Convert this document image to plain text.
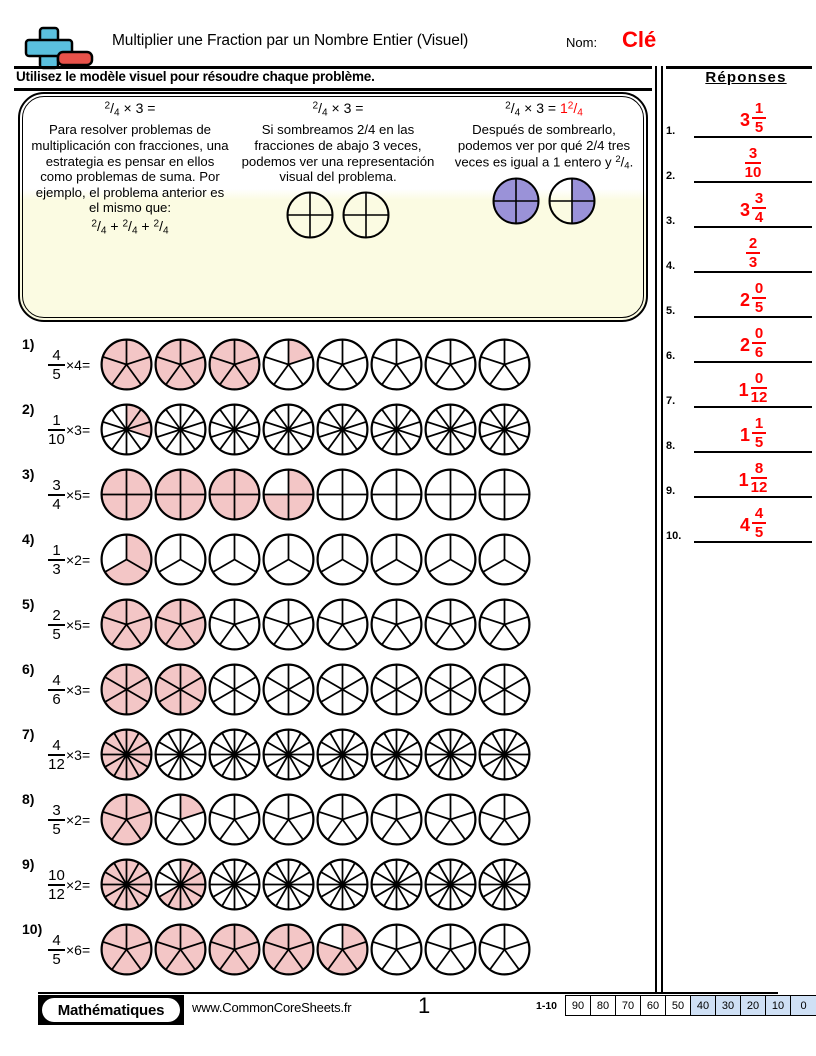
Multiplier une Fraction par un Nombre Entier (Visuel)	Nom: Clé
Utilisez le modèle visuel pour résoudre chaque problème.	Réponses
1.
$3 \frac{1}{5}$
2.	$\frac{3}{10}$
3.
$3 \frac{3}{4}$
4.	$\frac{2}{3}$
5.
$2 \frac{0}{5}$
6.
$2 \frac{0}{6}$
7.
$1 \frac{0}{12}$
8.
$1 \frac{1}{5}$
9.
$1 \frac{8}{12}$
10.
$4 \frac{4}{5}$
$^2/_4 \times 3$ =
Para resolver problemas de multiplicación con fracciones, una estrategia es pensar en ellos como problemas de suma. Por ejemplo, el problema anterior es el mismo que:
$^2/_4 + ^2/_4 + ^2/_4$
$^2/_4 \times 3$ =
Si sombreamos 2/4 en las fracciones de abajo 3 veces, podemos ver una representación visual del problema.
$^2/_4 \times 3 = 1^2/_4$
Después de sombrearlo, podemos ver por qué 2/4 tres veces es igual a 1 entero y $^2/_4$.
1)
$\frac{4}{5} \times 4=$
2)
$\frac{1}{10} \times 3=$
3)
$\frac{3}{4} \times 5=$
4)
$\frac{1}{3} \times 2=$
5)
$\frac{2}{5} \times 5=$
6)
$\frac{4}{6} \times 3=$
7)
$\frac{4}{12} \times 3=$
8)
$\frac{3}{5} \times 2=$
9)
$\frac{10}{12} \times 2=$
10)
$\frac{4}{5} \times 6=$
Mathématiques	www.CommonCoreSheets.fr	1	1-10	90	80	70	60	50	40	30	20	10	0
